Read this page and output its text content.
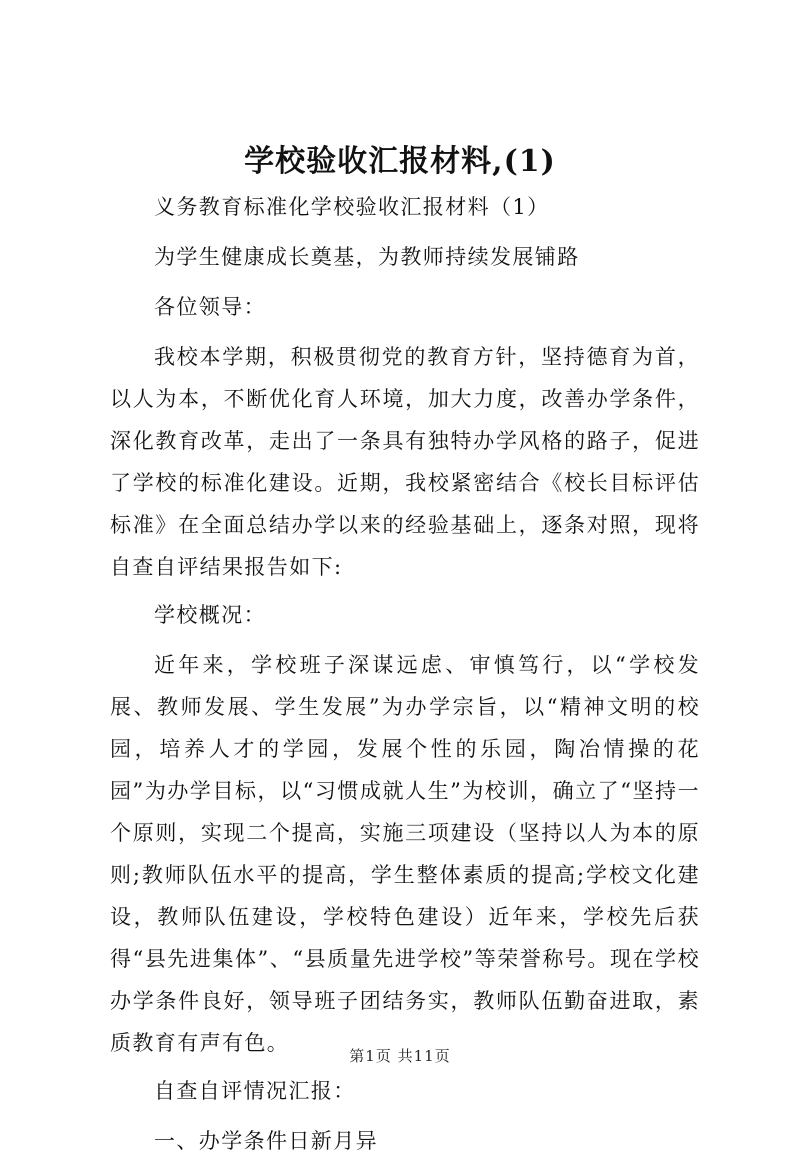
学校验收汇报材料,(1)

义务教育标准化学校验收汇报材料（1）

为学生健康成长奠基，为教师持续发展铺路

各位领导：

我校本学期，积极贯彻党的教育方针，坚持德育为首，以人为本，不断优化育人环境，加大力度，改善办学条件，深化教育改革，走出了一条具有独特办学风格的路子，促进了学校的标准化建设。近期，我校紧密结合《校长目标评估标准》在全面总结办学以来的经验基础上，逐条对照，现将自查自评结果报告如下:

学校概况：

近年来，学校班子深谋远虑、审慎笃行，以“学校发展、教师发展、学生发展”为办学宗旨，以“精神文明的校园，培养人才的学园，发展个性的乐园，陶冶情操的花园”为办学目标，以“习惯成就人生”为校训，确立了“坚持一个原则，实现二个提高，实施三项建设（坚持以人为本的原则;教师队伍水平的提高，学生整体素质的提高;学校文化建设，教师队伍建设，学校特色建设）近年来，学校先后获得“县先进集体”、“县质量先进学校”等荣誉称号。现在学校办学条件良好，领导班子团结务实，教师队伍勤奋进取，素质教育有声有色。

自查自评情况汇报：

一、办学条件日新月异

第1页 共11页
